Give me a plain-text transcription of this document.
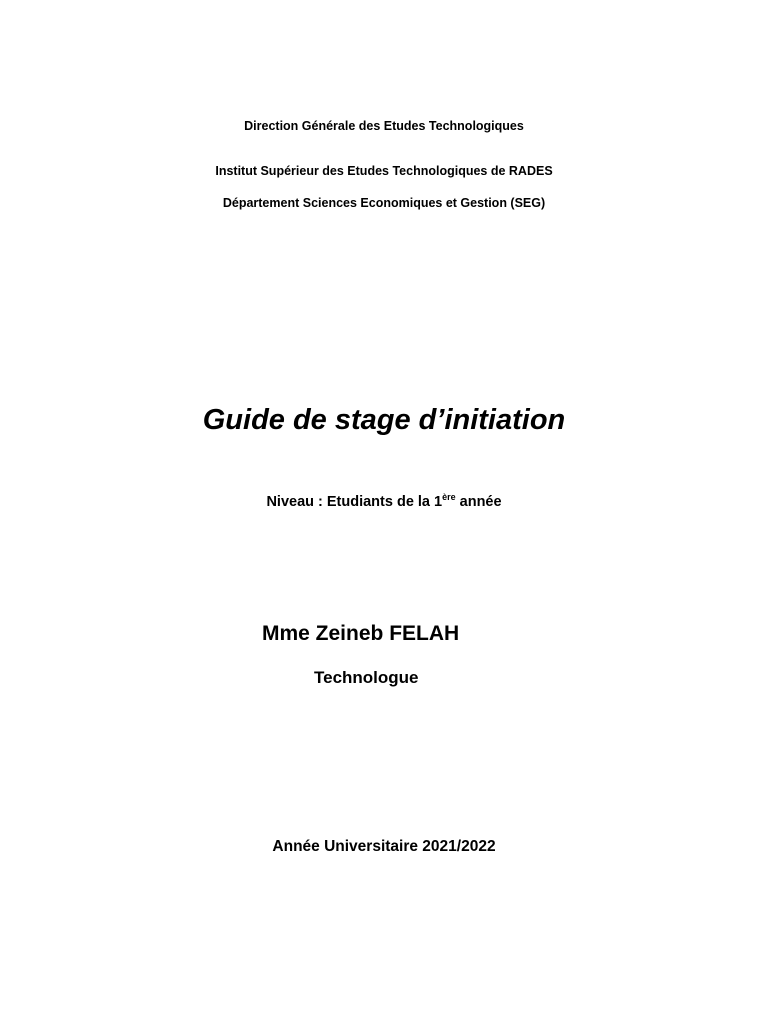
Direction Générale des Etudes Technologiques
Institut Supérieur des Etudes Technologiques de RADES
Département Sciences Economiques et Gestion (SEG)
Guide de stage d’initiation
Niveau : Etudiants de la 1ère année
Mme Zeineb FELAH
Technologue
Année Universitaire 2021/2022
